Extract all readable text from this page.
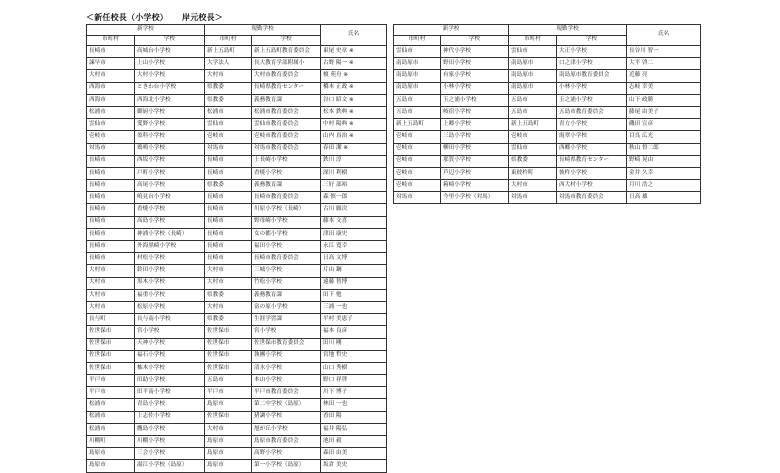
＜新任校長（小学校） 岸元校長＞
新学校		現勤学校		氏名
市町村	学校	市町村	学校	
長崎市	高城台小学校	新上五島町	新上五島町教育委員会	東尾 史章 ※
諫早市	上山小学校	大学法人	長大教育学部附属小	古野 陽一 ※
大村市	大村小学校	大村市	大村市教育委員会	榎 苑舟 ※
西海市	ときわ台小学校	県教委	長崎県教育センター	橋本 正政 ※
西海市	西海北小学校	県教委	義務教育課	谷口 昭文 ※
松浦市	御厨小学校	松浦市	松浦市教育委員会	松本 鉄典 ※
雲仙市	愛野小学校	雲仙市	雲仙市教育委員会	中村 陽典 ※
壱岐市	盈科小学校	壱岐市	壱岐市教育委員会	山内 真治 ※
対馬市	鶏鳴小学校	対馬市	対馬市教育委員会	春田 潔 ※
長崎市	西坂小学校	長崎市	上長崎小学校	鉄川 淳
長崎市	戸町小学校	長崎市	香焼小学校	深川 利樹
長崎市	高尾小学校	県教委	義務教育課	三好 部裕
長崎市	鳴見台小学校	長崎市	長崎市教育委員会	森 慎一郎
長崎市	香焼小学校	長崎市	川原小学校（長崎）	古川 願次
長崎市	高島小学校	長崎市	野母崎小学校	藤本 文喜
長崎市	神浦小学校（長崎）	長崎市	女の都小学校	津田 康史
長崎市	外海黒崎小学校	長崎市	福田小学校	永江 寛幸
長崎市	村松小学校	長崎市	長崎市教育委員会	日高 文博
大村市	鈴田小学校	大村市	三城小学校	片山 鋼
大村市	黒木小学校	大村市	竹松小学校	遠藤 智博
大村市	福重小学校	県教委	義務教育課	田下 勉
大村市	松原小学校	大村市	富の原小学校	三浦 一也
長与町	長与南小学校	県教委	生涯学習課	平村 美恵子
佐世保市	宮小学校	佐世保市	宮小学校	福本 良彦
佐世保市	天神小学校	佐世保市	佐世保市教育委員会	田川 剛
佐世保市	福石小学校	佐世保市	執團小学校	宮地 哲史
佐世保市	柚木小学校	佐世保市	清水小学校	山口 秀樹
平戸市	田助小学校	五島市	本山小学校	野口 祥啓
平戸市	田平南小学校	平戸市	平戸市教育委員会	川下 博子
松浦市	青島小学校	島原市	第二中学校（島原）	林田 一也
松浦市	上志佐小学校	佐世保市	猪調小学校	香田 陽
松浦市	鷹島小学校	大村市	旭が丘小学校	福井 陽弘
川棚町	川棚小学校	島原市	島原市教育委員会	池田 毅
島原市	三会小学校	島原市	高野小学校	森田 由美
島原市	湯江小学校（島原）	島原市	第一小学校（島原）	坂倉 美史
新学校		現勤学校		氏名
市町村	学校	市町村	学校	
雲仙市	神代小学校	雲仙市	大正小学校	長谷川 智一
南島原市	野田小学校	南島原市	口之津小学校	大平 啓二
南島原市	有家小学校	南島原市	南島原市教育委員会	近藤 亮
南島原市	小林小学校	南島原市	小林小学校	志岐 幸美
五島市	玉之浦小学校	五島市	玉之浦小学校	山下 政勝
五島市	岐宿小学校	五島市	五島市教育委員会	藤尾 由美子
新上五島町	上郷小学校	新上五島町	青方小学校	磯田 宣彦
壱岐市	三島小学校	壱岐市	霞翠小学校	目良 広光
壱岐市	柳田小学校	雲仙市	西郷小学校	秋山 督二郎
壱岐市	那賀小学校	県教委	長崎県教育センター	野崎 晃由
壱岐市	芦辺小学校	東彼杵町	彼杵小学校	金井 久幸
壱岐市	箱崎小学校	大村市	西大村小学校	月川 浩之
対馬市	今里小学校（対馬）	対馬市	対馬市教育委員会	日高 雄
